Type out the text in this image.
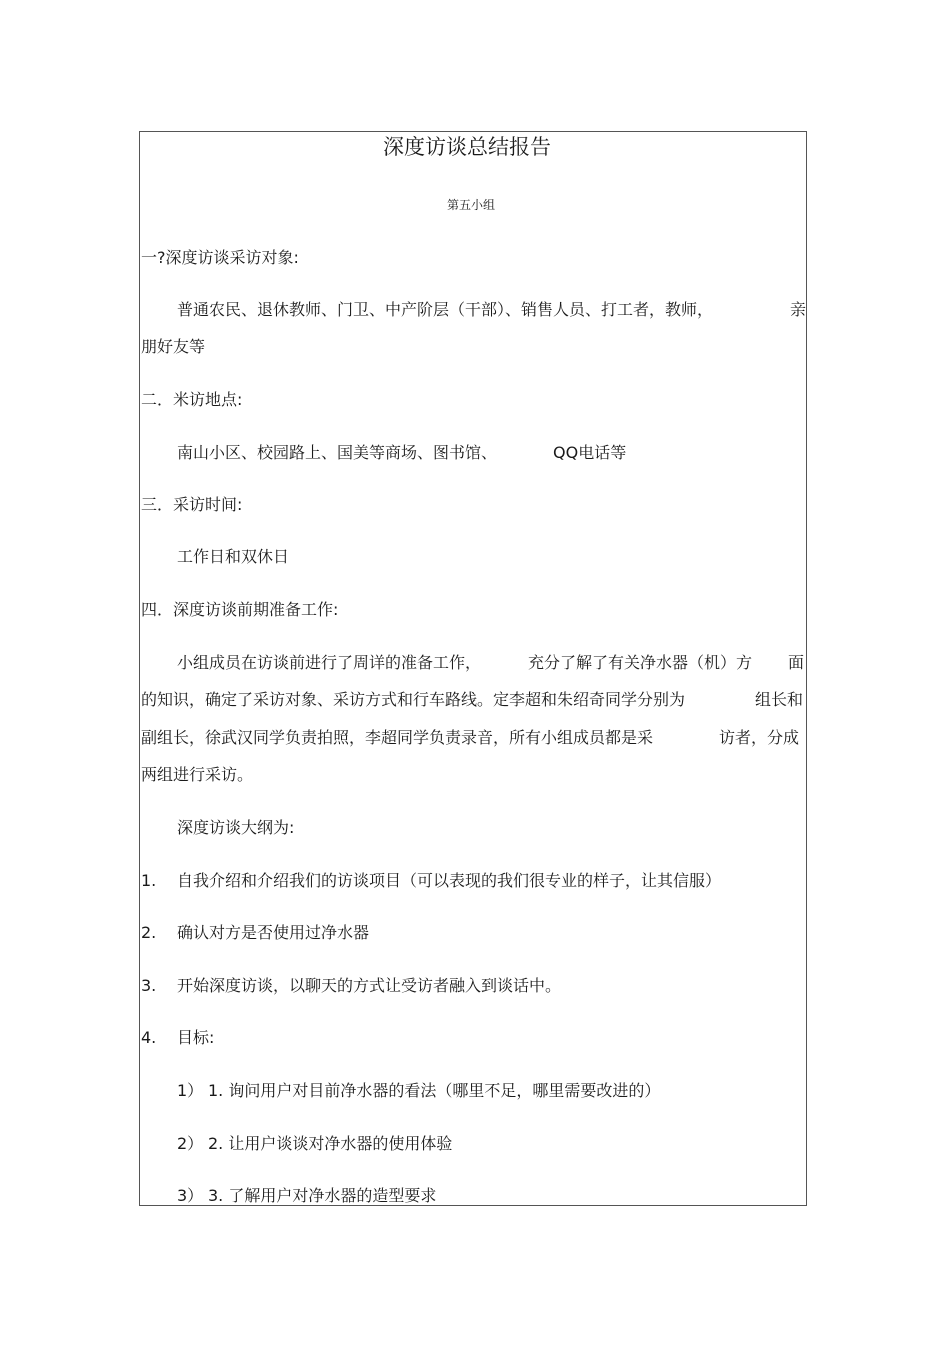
深度访谈总结报告
第五小组
一?深度访谈采访对象:
普通农民、退休教师、门卫、中产阶层（干部）、销售人员、打工者，教师，	亲
朋好友等
二．米访地点:
南山小区、校园路上、国美等商场、图书馆、	QQ电话等
三．采访时间:
工作日和双休日
四．深度访谈前期准备工作:
小组成员在访谈前进行了周详的准备工作，	充分了解了有关净水器（机）方 面
的知识，确定了采访对象、采访方式和行车路线。定李超和朱绍奇同学分别为	组长和
副组长，徐武汉同学负责拍照，李超同学负责录音，所有小组成员都是采	访者，分成
两组进行采访。
深度访谈大纲为:
1. 自我介绍和介绍我们的访谈项目（可以表现的我们很专业的样子，让其信服）
2. 确认对方是否使用过净水器
3. 开始深度访谈，以聊天的方式让受访者融入到谈话中。
4. 目标:
1） 1. 询问用户对目前净水器的看法（哪里不足，哪里需要改进的）
2） 2. 让用户谈谈对净水器的使用体验
3） 3. 了解用户对净水器的造型要求
